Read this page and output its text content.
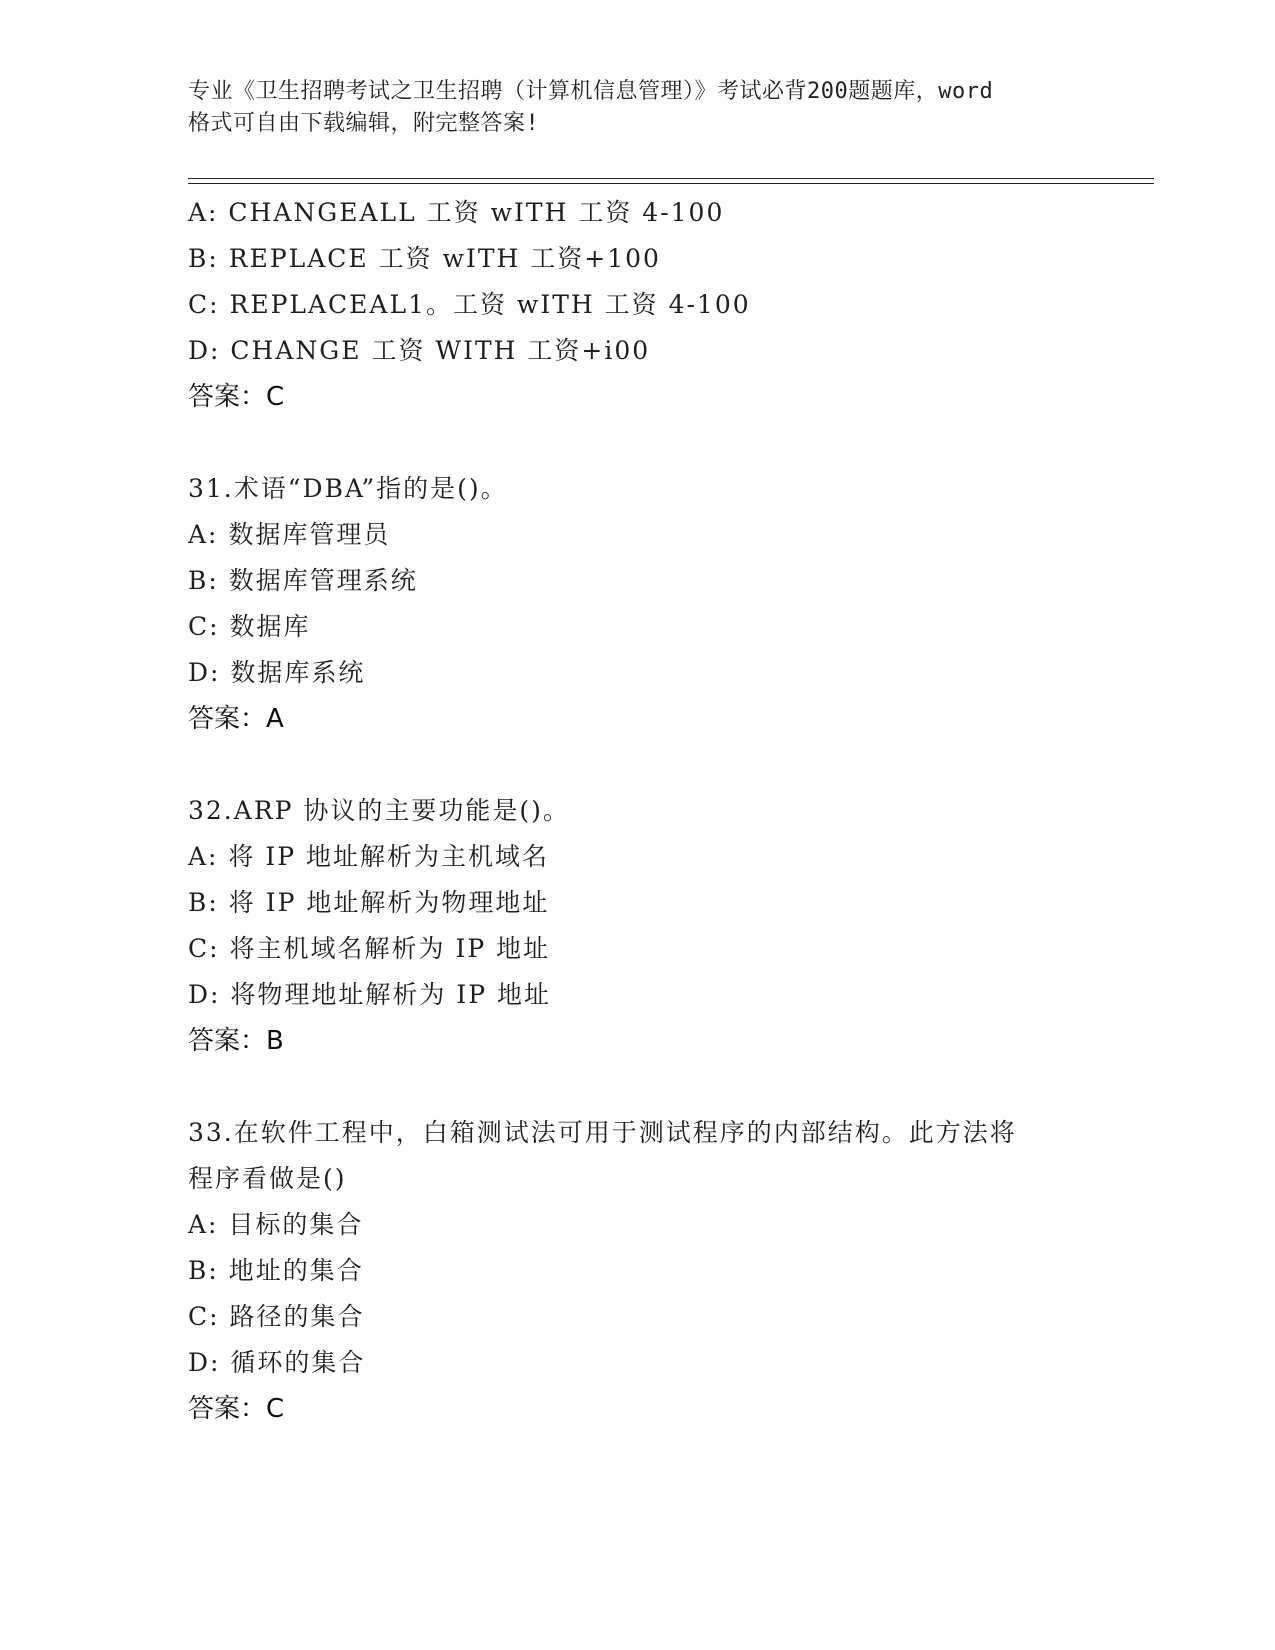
专业《卫生招聘考试之卫生招聘（计算机信息管理）》考试必背200题题库，word
格式可自由下载编辑，附完整答案!
A: CHANGEALL 工资 wITH 工资 4-100
B: REPLACE 工资 wITH 工资+100
C: REPLACEAL1。工资 wITH 工资 4-100
D: CHANGE 工资 WITH 工资+i00
答案：C
31.术语“DBA”指的是()。
A: 数据库管理员
B: 数据库管理系统
C: 数据库
D: 数据库系统
答案：A
32.ARP 协议的主要功能是()。
A: 将 IP 地址解析为主机域名
B: 将 IP 地址解析为物理地址
C: 将主机域名解析为 IP 地址
D: 将物理地址解析为 IP 地址
答案：B
33.在软件工程中，白箱测试法可用于测试程序的内部结构。此方法将
程序看做是()
A: 目标的集合
B: 地址的集合
C: 路径的集合
D: 循环的集合
答案：C
